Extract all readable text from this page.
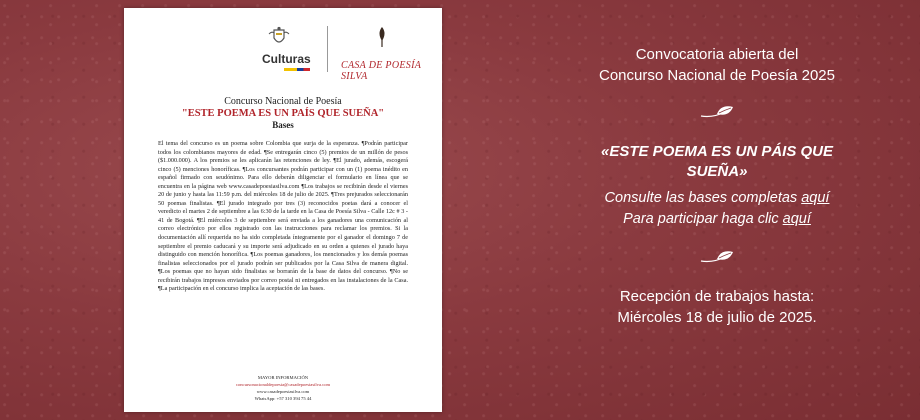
Culturas	CASA DE POESÍA SILVA
Concurso Nacional de Poesía
"ESTE POEMA ES UN PAÍS QUE SUEÑA"
Bases
El tema del concurso es un poema sobre Colombia que surja de la esperanza. ¶Podrán participar todos los colombianos mayores de edad. ¶Se entregarán cinco (5) premios de un millón de pesos ($1.000.000). A los premios se les aplicarán las retenciones de ley. ¶El jurado, además, escogerá cinco (5) menciones honoríficas. ¶Los concursantes podrán participar con un (1) poema inédito en español firmado con seudónimo. Para ello deberán diligenciar el formulario en línea que se encuentra en la página web www.casadepoesiasilva.com ¶Los trabajos se recibirán desde el viernes 20 de junio y hasta las 11:59 p.m. del miércoles 18 de julio de 2025. ¶Tres prejurados seleccionarán 50 poemas finalistas. ¶El jurado integrado por tres (3) reconocidos poetas dará a conocer el veredicto el martes 2 de septiembre a las 6:30 de la tarde en la Casa de Poesía Silva - Calle 12c # 3 - 41 de Bogotá. ¶El miércoles 3 de septiembre será enviada a los ganadores una comunicación al correo electrónico por ellos registrado con las instrucciones para reclamar los premios. Si la documentación allí requerida no ha sido completada íntegramente por el ganador el domingo 7 de septiembre el premio caducará y su importe será adjudicado en su orden a quienes el jurado haya distinguido con mención honorífica. ¶Los poemas ganadores, los mencionados y los demás poemas finalistas seleccionados por el jurado podrán ser publicados por la Casa Silva de manera digital. ¶Los poemas que no hayan sido finalistas se borrarán de la base de datos del concurso. ¶No se recibirán trabajos impresos enviados por correo postal ni entregados en las instalaciones de la Casa. ¶La participación en el concurso implica la aceptación de las bases.
MAYOR INFORMACIÓN
concursonacionaldepoesia@casadepoesiasilva.com
www.casadepoesiasilva.com
WhatsApp: +57 310 394 75 44
Convocatoria abierta del
Concurso Nacional de Poesía 2025
«ESTE POEMA ES UN PÁIS QUE
SUEÑA»
Consulte las bases completas aquí
Para participar haga clic aquí
Recepción de trabajos hasta:
Miércoles 18 de julio de 2025.
